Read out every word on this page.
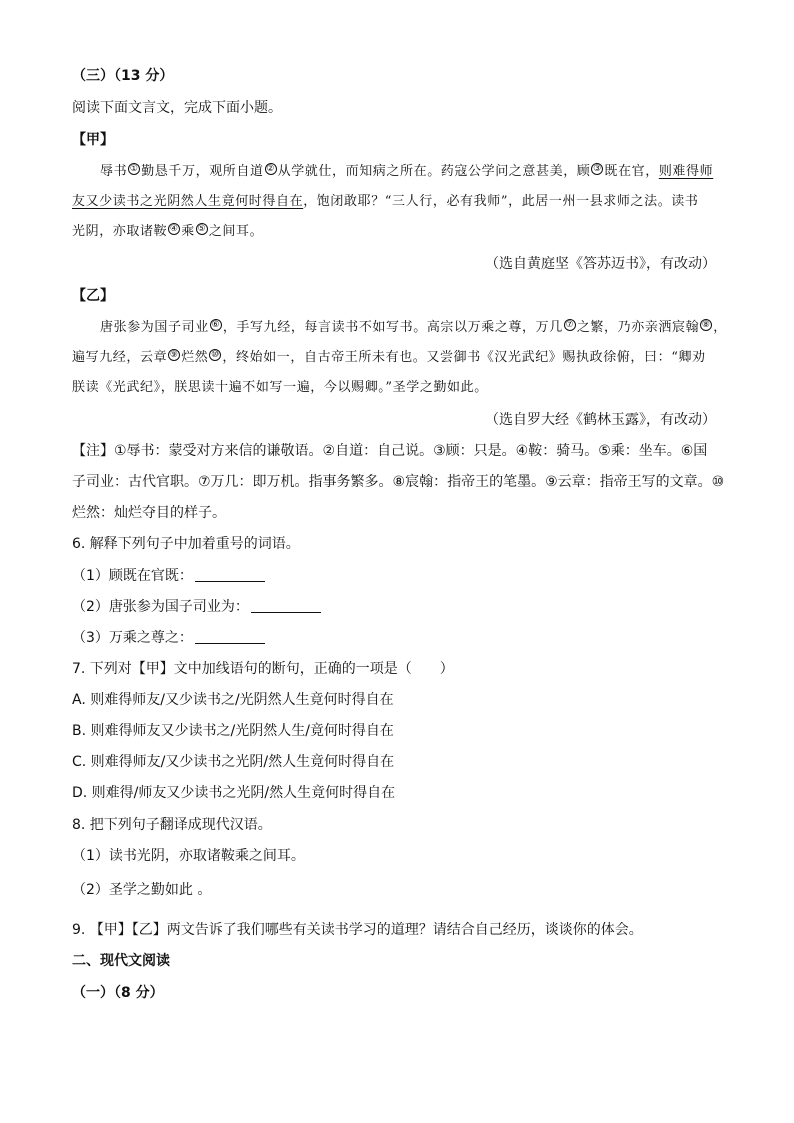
（三）（13 分）
阅读下面文言文，完成下面小题。
【甲】
辱书 ① 勤恳千万，观所自道 ② 从学就仕，而知病之所在。药寇公学问之意甚美，顾 ③ 既在官，则难得师
友又少读书之光阴然人生竟何时得自在，饱闭敢耶？“三人行，必有我师”，此居一州一县求师之法。读书
光阴，亦取诸鞍 ④ 乘 ⑤ 之间耳。
（选自黄庭坚《答苏迈书》，有改动）
【乙】
唐张参为国子司业 ⑥ ，手写九经，每言读书不如写书。高宗以万乘之尊，万几 ⑦ 之繁，乃亦亲洒宸翰 ⑧ ，
遍写九经，云章 ⑨ 烂然 ⑩ ，终始如一，自古帝王所未有也。又尝御书《汉光武纪》赐执政徐俯，曰：“卿劝
朕读《光武纪》，朕思读十遍不如写一遍，今以赐卿。”圣学之勤如此。
（选自罗大经《鹤林玉露》，有改动）
【注】①辱书：蒙受对方来信的谦敬语。②自道：自己说。③顾：只是。④鞍：骑马。⑤乘：坐车。⑥国
子司业：古代官职。⑦万几：即万机。指事务繁多。⑧宸翰：指帝王的笔墨。⑨云章：指帝王写的文章。⑩
烂然：灿烂夺目的样子。
6. 解释下列句子中加着重号的词语。
（1）顾既在官既：
（2）唐张参为国子司业为：
（3）万乘之尊之：
7. 下列对【甲】文中加线语句的断句，正确的一项是（　　）
A. 则难得师友/又少读书之/光阴然人生竟何时得自在
B. 则难得师友又少读书之/光阴然人生/竟何时得自在
C. 则难得师友/又少读书之光阴/然人生竟何时得自在
D. 则难得/师友又少读书之光阴/然人生竟何时得自在
8. 把下列句子翻译成现代汉语。
（1）读书光阴，亦取诸鞍乘之间耳。
（2）圣学之勤如此 。
9. 【甲】【乙】两文告诉了我们哪些有关读书学习的道理？请结合自己经历，谈谈你的体会。
二、现代文阅读
（一）（8 分）
